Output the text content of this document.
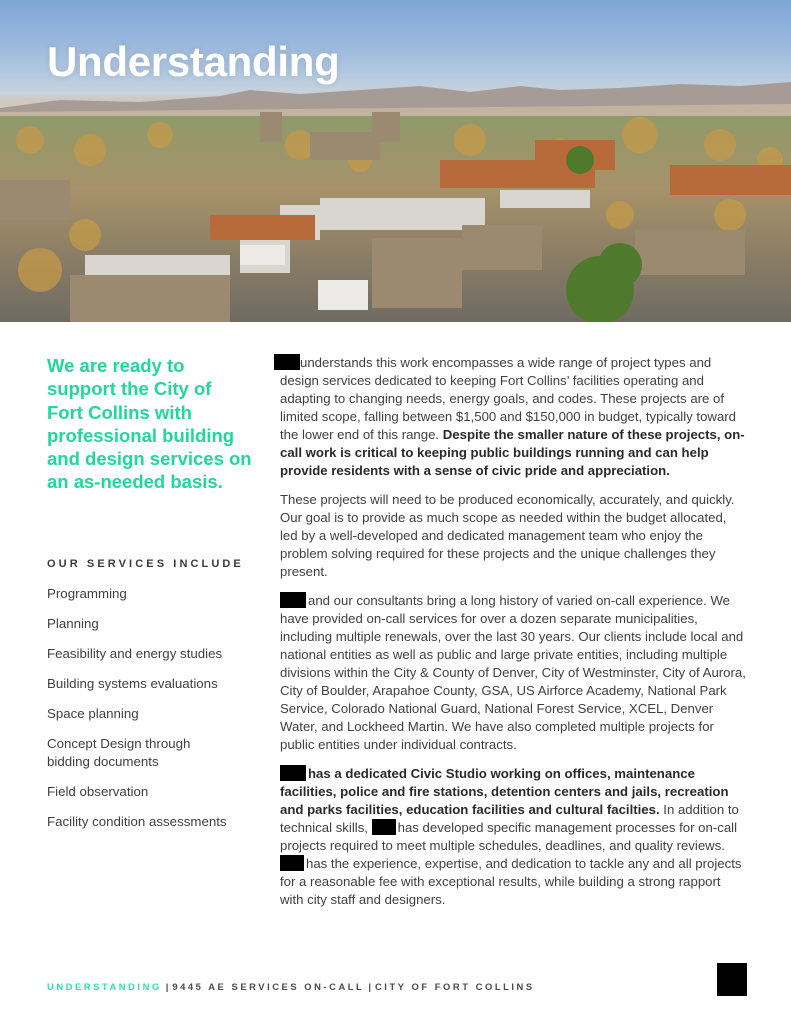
Understanding

We are ready to support the City of Fort Collins with professional building and design services on an as-needed basis.

OUR SERVICES INCLUDE
Programming
Planning
Feasibility and energy studies
Building systems evaluations
Space planning
Concept Design through bidding documents
Field observation
Facility condition assessments

understands this work encompasses a wide range of project types and design services dedicated to keeping Fort Collins’ facilities operating and adapting to changing needs, energy goals, and codes. These projects are of limited scope, falling between $1,500 and $150,000 in budget, typically toward the lower end of this range. Despite the smaller nature of these projects, on-call work is critical to keeping public buildings running and can help provide residents with a sense of civic pride and appreciation.

These projects will need to be produced economically, accurately, and quickly. Our goal is to provide as much scope as needed within the budget allocated, led by a well-developed and dedicated management team who enjoy the problem solving required for these projects and the unique challenges they present.

and our consultants bring a long history of varied on-call experience. We have provided on-call services for over a dozen separate municipalities, including multiple renewals, over the last 30 years. Our clients include local and national entities as well as public and large private entities, including multiple divisions within the City & County of Denver, City of Westminster, City of Aurora, City of Boulder, Arapahoe County, GSA, US Airforce Academy, National Park Service, Colorado National Guard, National Forest Service, XCEL, Denver Water, and Lockheed Martin. We have also completed multiple projects for public entities under individual contracts.

has a dedicated Civic Studio working on offices, maintenance facilities, police and fire stations, detention centers and jails, recreation and parks facilities, education facilities and cultural facilties. In addition to technical skills, has developed specific management processes for on-call projects required to meet multiple schedules, deadlines, and quality reviews. has the experience, expertise, and dedication to tackle any and all projects for a reasonable fee with exceptional results, while building a strong rapport with city staff and designers.

UNDERSTANDING | 9445 AE SERVICES ON-CALL | CITY OF FORT COLLINS
